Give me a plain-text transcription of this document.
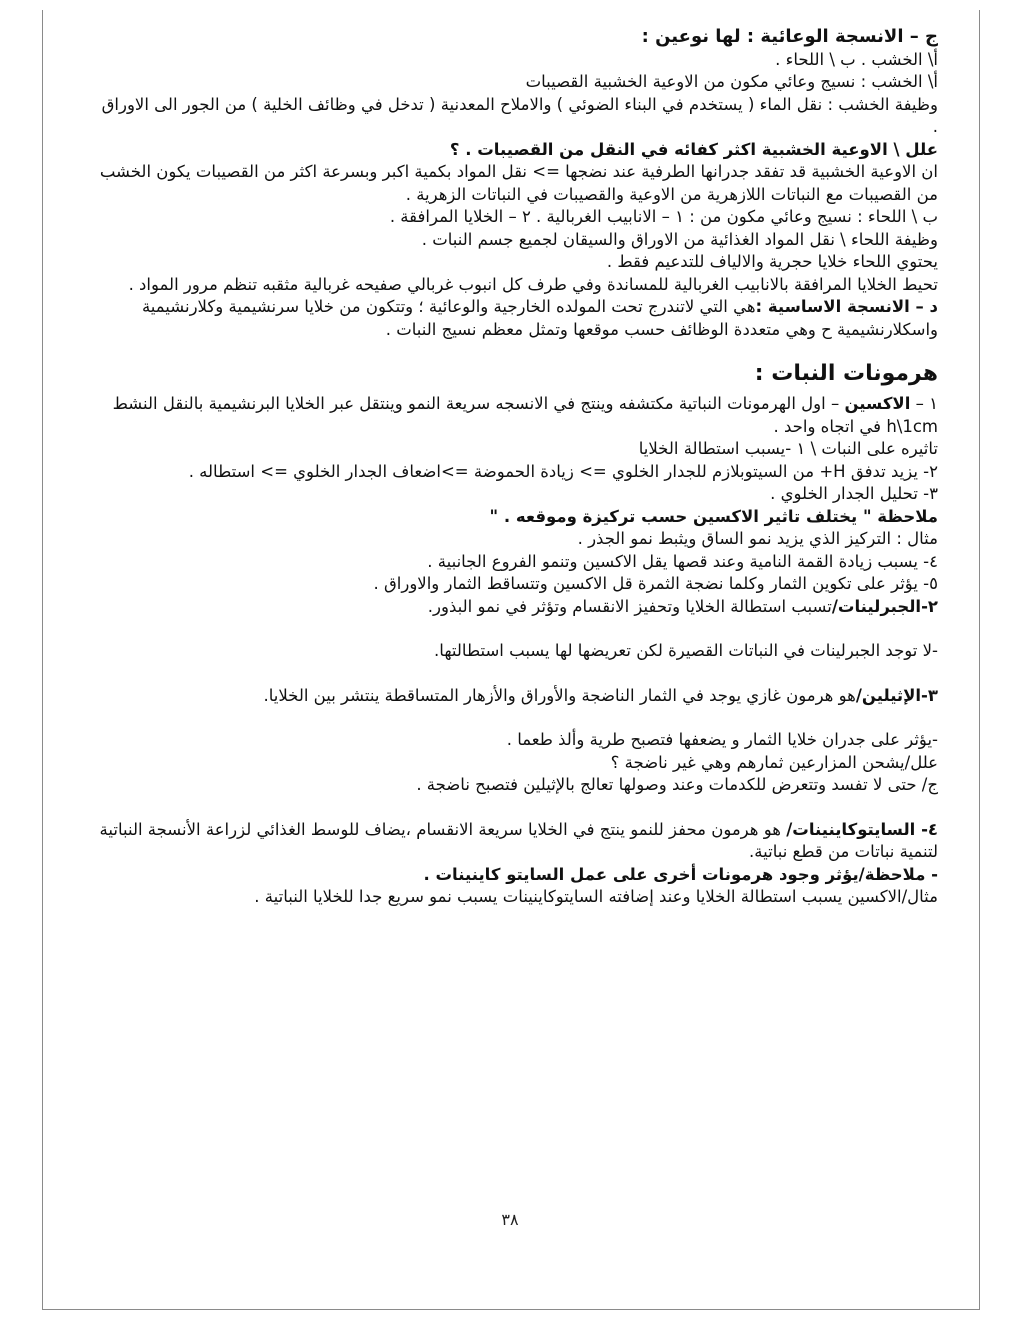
ج – الانسجة الوعائية : لها نوعين :

أ\ الخشب . ب \ اللحاء .

أ\ الخشب : نسيج وعائي مكون من الاوعية الخشبية القصيبات

وظيفة الخشب : نقل الماء ( يستخدم في البناء الضوئي ) والاملاح المعدنية ( تدخل في وظائف الخلية ) من الجور الى الاوراق .

علل \ الاوعية الخشبية اكثر كفائه في النقل من القصيبات . ؟

ان الاوعية الخشبية قد تفقد جدرانها الطرفية عند نضجها => نقل المواد بكمية اكبر وبسرعة اكثر من القصيبات يكون الخشب من القصيبات مع النباتات اللازهرية من الاوعية والقصيبات في النباتات الزهرية .

ب \ اللحاء : نسيج وعائي مكون من : ١ – الانابيب الغربالية . ٢ – الخلايا المرافقة .

وظيفة اللحاء \ نقل المواد الغذائية من الاوراق والسيقان لجميع جسم النبات .

يحتوي اللحاء خلايا حجرية والالياف للتدعيم فقط .

تحيط الخلايا المرافقة بالانابيب الغربالية للمساندة وفي طرف كل انبوب غربالي صفيحه غربالية مثقبه تنظم مرور المواد .

د – الانسجة الاساسية :هي التي لاتندرج تحت المولده الخارجية والوعائية ؛ وتتكون من خلايا سرنشيمية وكلارنشيمية واسكلارنشيمية ح وهي متعددة الوظائف حسب موقعها وتمثل معظم نسيج النبات .

هرمونات النبات :

١ – الاكسين – اول الهرمونات النباتية مكتشفه وينتج في الانسجه سريعة النمو وينتقل عبر الخلايا البرنشيمية بالنقل النشط h\1cm في اتجاه واحد .

تاثيره على النبات \ ١ -يسبب استطالة الخلايا

٢- يزيد تدفق H+ من السيتوبلازم للجدار الخلوي => زيادة الحموضة =>اضعاف الجدار الخلوي => استطاله .

٣- تحليل الجدار الخلوي .

ملاحظة " يختلف تاثير الاكسين حسب تركيزة وموقعه . "

مثال : التركيز الذي يزيد نمو الساق ويثبط نمو الجذر .

٤- يسبب زيادة القمة النامية وعند قصها يقل الاكسين وتنمو الفروع الجانبية .

٥- يؤثر على تكوين الثمار وكلما نضجة الثمرة قل الاكسين وتتساقط الثمار والاوراق .

٢-الجبرلينات/تسبب استطالة الخلايا وتحفيز الانقسام وتؤثر في نمو البذور.

-لا توجد الجبرلينات في النباتات القصيرة لكن تعريضها لها يسبب استطالتها.

٣-الإثيلين/هو هرمون غازي يوجد في الثمار الناضجة والأوراق والأزهار المتساقطة ينتشر بين الخلايا.

-يؤثر على جدران خلايا الثمار و يضعفها فتصبح طرية وألذ طعما .

علل/يشحن المزارعين ثمارهم وهي غير ناضجة ؟

ج/ حتى لا تفسد وتتعرض للكدمات وعند وصولها تعالج بالإثيلين فتصبح ناضجة .

٤- السايتوكاينينات/ هو هرمون محفز للنمو ينتج في الخلايا سريعة الانقسام ،يضاف للوسط الغذائي لزراعة الأنسجة النباتية لتنمية نباتات من قطع نباتية.

- ملاحظة/يؤثر وجود هرمونات أخرى على عمل السايتو كاينينات .

مثال/الاكسين يسبب استطالة الخلايا وعند إضافته السايتوكاينينات يسبب نمو سريع جدا للخلايا النباتية .

٣٨
